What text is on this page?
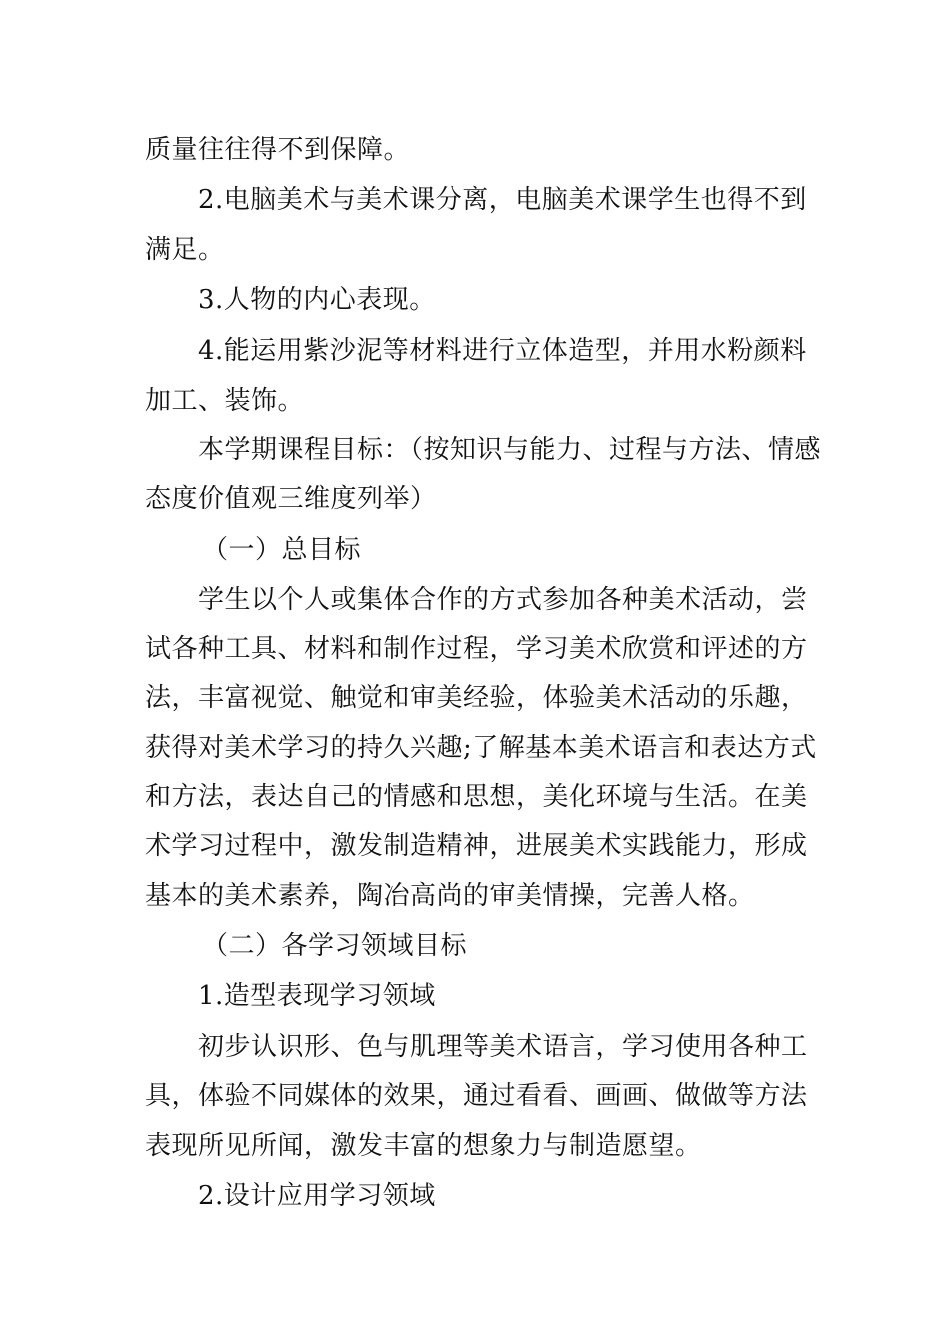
质量往往得不到保障。
2.电脑美术与美术课分离，电脑美术课学生也得不到
满足。
3.人物的内心表现。
4.能运用紫沙泥等材料进行立体造型，并用水粉颜料
加工、装饰。
本学期课程目标：（按知识与能力、过程与方法、情感
态度价值观三维度列举）
（一）总目标
学生以个人或集体合作的方式参加各种美术活动，尝
试各种工具、材料和制作过程，学习美术欣赏和评述的方
法，丰富视觉、触觉和审美经验，体验美术活动的乐趣，
获得对美术学习的持久兴趣;了解基本美术语言和表达方式
和方法，表达自己的情感和思想，美化环境与生活。在美
术学习过程中，激发制造精神，进展美术实践能力，形成
基本的美术素养，陶冶高尚的审美情操，完善人格。
（二）各学习领域目标
1.造型表现学习领域
初步认识形、色与肌理等美术语言，学习使用各种工
具，体验不同媒体的效果，通过看看、画画、做做等方法
表现所见所闻，激发丰富的想象力与制造愿望。
2.设计应用学习领域
